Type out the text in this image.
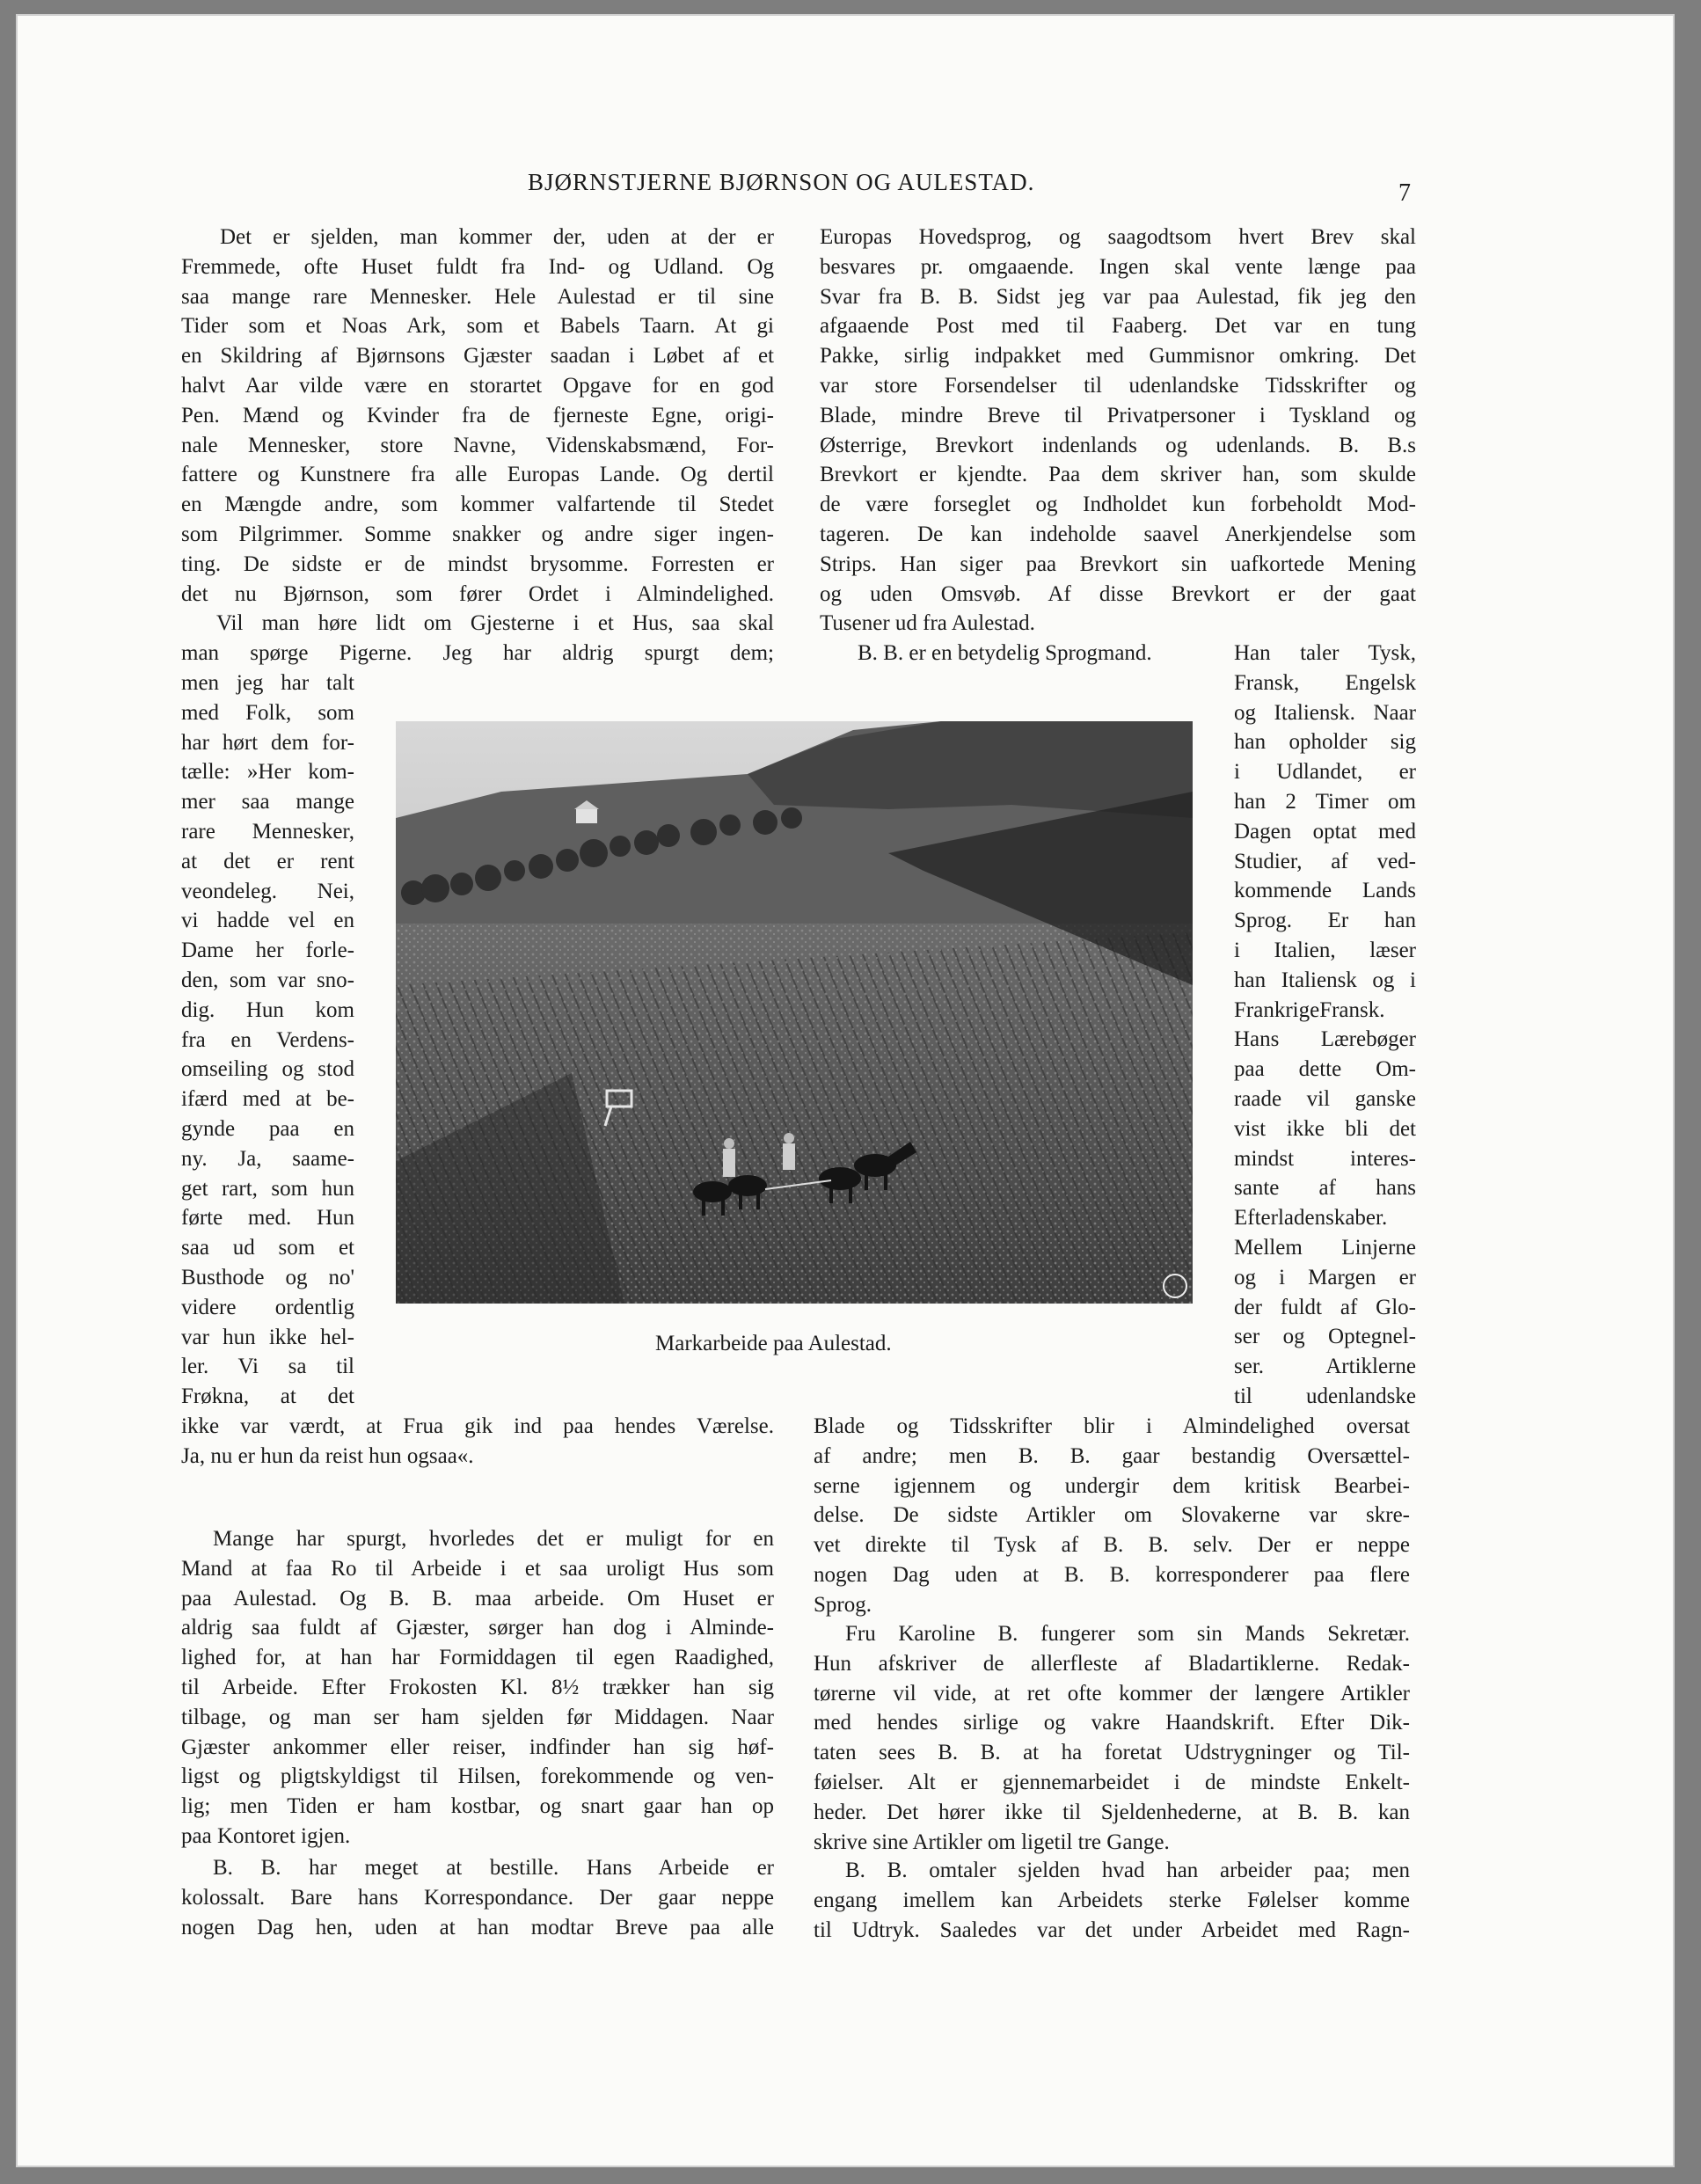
BJØRNSTJERNE BJØRNSON OG AULESTAD.	7
Det er sjelden, man kommer der, uden at der er
Fremmede, ofte Huset fuldt fra Ind- og Udland. Og
saa mange rare Mennesker. Hele Aulestad er til sine
Tider som et Noas Ark, som et Babels Taarn. At gi
en Skildring af Bjørnsons Gjæster saadan i Løbet af et
halvt Aar vilde være en storartet Opgave for en god
Pen. Mænd og Kvinder fra de fjerneste Egne, origi-
nale Mennesker, store Navne, Videnskabsmænd, For-
fattere og Kunstnere fra alle Europas Lande. Og dertil
en Mængde andre, som kommer valfartende til Stedet
som Pilgrimmer. Somme snakker og andre siger ingen-
ting. De sidste er de mindst brysomme. Forresten er
det nu Bjørnson, som fører Ordet i Almindelighed.
Vil man høre lidt om Gjesterne i et Hus, saa skal
man spørge Pigerne. Jeg har aldrig spurgt dem;
men jeg har talt
med Folk, som
har hørt dem for-
tælle: »Her kom-
mer saa mange
rare Mennesker,
at det er rent
veondeleg. Nei,
vi hadde vel en
Dame her forle-
den, som var sno-
dig. Hun kom
fra en Verdens-
omseiling og stod
ifærd med at be-
gynde paa en
ny. Ja, saame-
get rart, som hun
førte med. Hun
saa ud som et
Busthode og no'
videre ordentlig
var hun ikke hel-
ler. Vi sa til
Frøkna, at det
ikke var værdt, at Frua gik ind paa hendes Værelse.
Ja, nu er hun da reist hun ogsaa«.
Mange har spurgt, hvorledes det er muligt for en
Mand at faa Ro til Arbeide i et saa uroligt Hus som
paa Aulestad. Og B. B. maa arbeide. Om Huset er
aldrig saa fuldt af Gjæster, sørger han dog i Alminde-
lighed for, at han har Formiddagen til egen Raadighed,
til Arbeide. Efter Frokosten Kl. 8½ trækker han sig
tilbage, og man ser ham sjelden før Middagen. Naar
Gjæster ankommer eller reiser, indfinder han sig høf-
ligst og pligtskyldigst til Hilsen, forekommende og ven-
lig; men Tiden er ham kostbar, og snart gaar han op
paa Kontoret igjen.
B. B. har meget at bestille. Hans Arbeide er
kolossalt. Bare hans Korrespondance. Der gaar neppe
nogen Dag hen, uden at han modtar Breve paa alle
Europas Hovedsprog, og saagodtsom hvert Brev skal
besvares pr. omgaaende. Ingen skal vente længe paa
Svar fra B. B. Sidst jeg var paa Aulestad, fik jeg den
afgaaende Post med til Faaberg. Det var en tung
Pakke, sirlig indpakket med Gummisnor omkring. Det
var store Forsendelser til udenlandske Tidsskrifter og
Blade, mindre Breve til Privatpersoner i Tyskland og
Østerrige, Brevkort indenlands og udenlands. B. B.s
Brevkort er kjendte. Paa dem skriver han, som skulde
de være forseglet og Indholdet kun forbeholdt Mod-
tageren. De kan indeholde saavel Anerkjendelse som
Strips. Han siger paa Brevkort sin uafkortede Mening
og uden Omsvøb. Af disse Brevkort er der gaat
Tusener ud fra Aulestad.
Han taler Tysk,
Fransk, Engelsk
og Italiensk. Naar
han opholder sig
i Udlandet, er
han 2 Timer om
Dagen optat med
Studier, af ved-
kommende Lands
Sprog. Er han
i Italien, læser
han Italiensk og i
FrankrigeFransk.
Hans Lærebøger
paa dette Om-
raade vil ganske
vist ikke bli det
mindst interes-
sante af hans
Efterladenskaber.
Mellem Linjerne
og i Margen er
der fuldt af Glo-
ser og Optegnel-
ser. Artiklerne
til udenlandske
Blade og Tidsskrifter blir i Almindelighed oversat
af andre; men B. B. gaar bestandig Oversættel-
serne igjennem og undergir dem kritisk Bearbei-
delse. De sidste Artikler om Slovakerne var skre-
vet direkte til Tysk af B. B. selv. Der er neppe
nogen Dag uden at B. B. korresponderer paa flere
Sprog.
Fru Karoline B. fungerer som sin Mands Sekretær.
Hun afskriver de allerfleste af Bladartiklerne. Redak-
tørerne vil vide, at ret ofte kommer der længere Artikler
med hendes sirlige og vakre Haandskrift. Efter Dik-
taten sees B. B. at ha foretat Udstrygninger og Til-
føielser. Alt er gjennemarbeidet i de mindste Enkelt-
heder. Det hører ikke til Sjeldenhederne, at B. B. kan
skrive sine Artikler om ligetil tre Gange.
B. B. omtaler sjelden hvad han arbeider paa; men
engang imellem kan Arbeidets sterke Følelser komme
til Udtryk. Saaledes var det under Arbeidet med Ragn-
B. B. er en betydelig Sprogmand.
Markarbeide paa Aulestad.
